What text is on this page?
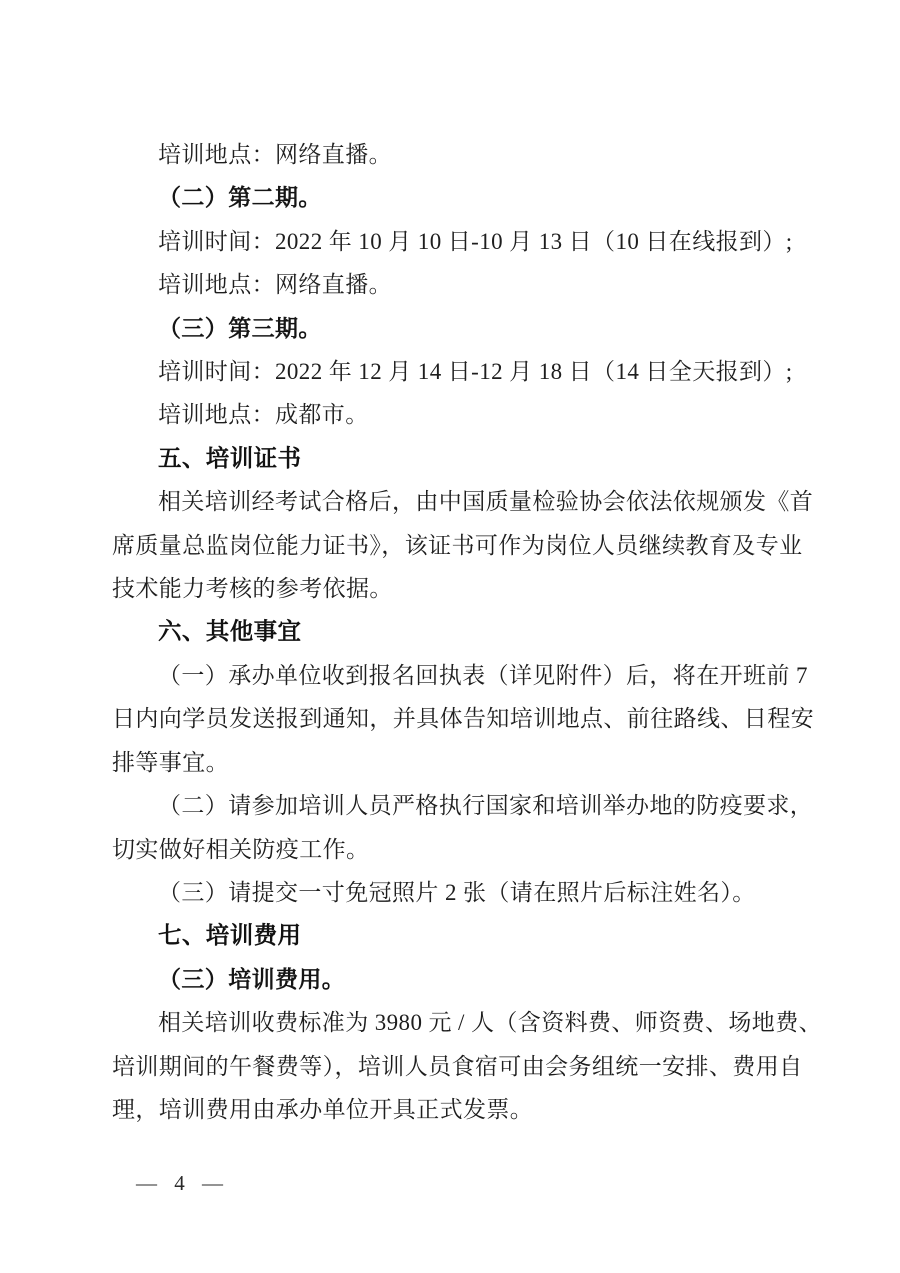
培训地点：网络直播。
（二）第二期。
培训时间：2022 年 10 月 10 日-10 月 13 日（10 日在线报到）;
培训地点：网络直播。
（三）第三期。
培训时间：2022 年 12 月 14 日-12 月 18 日（14 日全天报到）;
培训地点：成都市。
五、培训证书
相关培训经考试合格后，由中国质量检验协会依法依规颁发《首
席质量总监岗位能力证书》，该证书可作为岗位人员继续教育及专业
技术能力考核的参考依据。
六、其他事宜
（一）承办单位收到报名回执表（详见附件）后，将在开班前 7
日内向学员发送报到通知，并具体告知培训地点、前往路线、日程安
排等事宜。
（二）请参加培训人员严格执行国家和培训举办地的防疫要求，
切实做好相关防疫工作。
（三）请提交一寸免冠照片 2 张（请在照片后标注姓名）。
七、培训费用
（三）培训费用。
相关培训收费标准为 3980 元 / 人（含资料费、师资费、场地费、
培训期间的午餐费等），培训人员食宿可由会务组统一安排、费用自
理，培训费用由承办单位开具正式发票。
— 4 —
